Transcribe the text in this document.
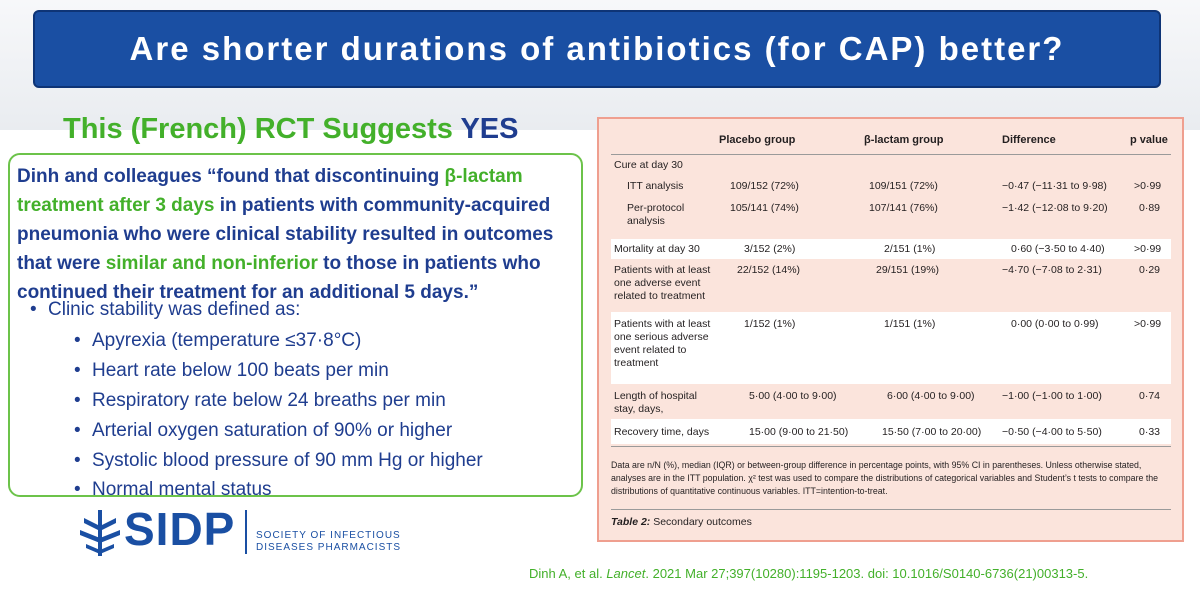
Are shorter durations of antibiotics (for CAP) better?
This (French) RCT Suggests YES
Dinh and colleagues “found that discontinuing β-lactam treatment after 3 days in patients with community-acquired pneumonia who were clinical stability resulted in outcomes that were similar and non-inferior to those in patients who continued their treatment for an additional 5 days.”
• Clinic stability was defined as:
• Apyrexia (temperature ≤37·8°C)
• Heart rate below 100 beats per min
• Respiratory rate below 24 breaths per min
• Arterial oxygen saturation of 90% or higher
• Systolic blood pressure of 90 mm Hg or higher
• Normal mental status
SIDP SOCIETY OF INFECTIOUS
DISEASES PHARMACISTS
Placebo group	β-lactam group	Difference	p value
Cure at day 30
ITT analysis	109/152 (72%)	109/151 (72%)	−0·47 (−11·31 to 9·98)	>0·99
Per-protocol
analysis
105/141 (74%)	107/141 (76%)	−1·42 (−12·08 to 9·20)	0·89
Mortality at day 30	3/152 (2%)	2/151 (1%)	0·60 (−3·50 to 4·40)	>0·99
Patients with at least
one adverse event
related to treatment
22/152 (14%)	29/151 (19%)	−4·70 (−7·08 to 2·31)	0·29
Patients with at least
one serious adverse
event related to
treatment
1/152 (1%)	1/151 (1%)	0·00 (0·00 to 0·99)	>0·99
Length of hospital
stay, days,
5·00 (4·00 to 9·00)	6·00 (4·00 to 9·00)	−1·00 (−1·00 to 1·00)	0·74
Recovery time, days	15·00 (9·00 to 21·50)	15·50 (7·00 to 20·00) −0·50 (−4·00 to 5·50)	0·33
Data are n/N (%), median (IQR) or between-group difference in percentage points, with 95% CI in parentheses. Unless otherwise stated, analyses are in the ITT population. χ² test was used to compare the distributions of categorical variables and Student’s t tests to compare the distributions of quantitative continuous variables. ITT=intention-to-treat.
Table 2: Secondary outcomes
Dinh A, et al. Lancet. 2021 Mar 27;397(10280):1195-1203. doi: 10.1016/S0140-6736(21)00313-5.
